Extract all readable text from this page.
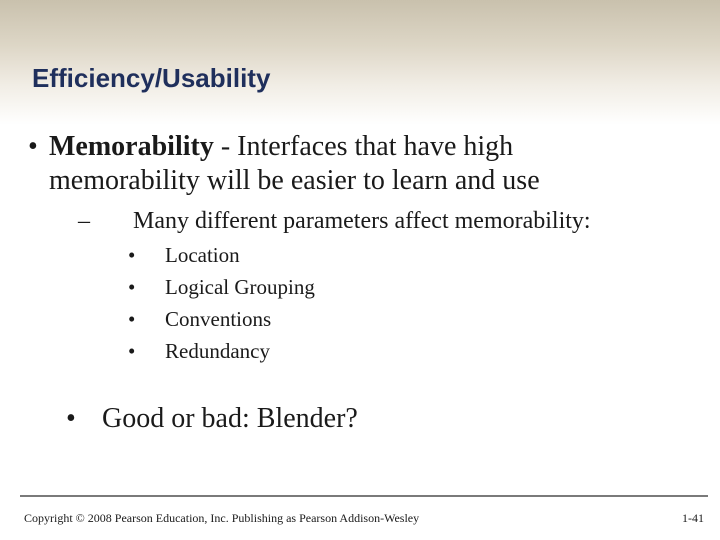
Efficiency/Usability
• Memorability - Interfaces that have high memorability will be easier to learn and use
– Many different parameters affect memorability:
• Location
• Logical Grouping
• Conventions
• Redundancy
• Good or bad: Blender?
Copyright © 2008 Pearson Education, Inc. Publishing as Pearson Addison-Wesley	1-41
